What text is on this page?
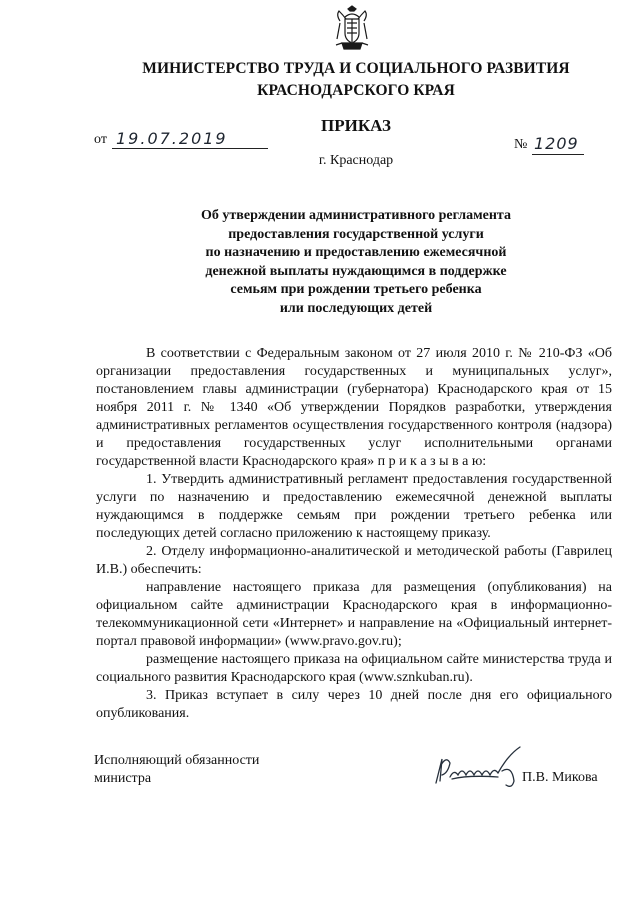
МИНИСТЕРСТВО ТРУДА И СОЦИАЛЬНОГО РАЗВИТИЯ
КРАСНОДАРСКОГО КРАЯ
ПРИКАЗ
от 19.07.2019	№ 1209
г. Краснодар
Об утверждении административного регламента
предоставления государственной услуги
по назначению и предоставлению ежемесячной
денежной выплаты нуждающимся в поддержке
семьям при рождении третьего ребенка
или последующих детей

В соответствии с Федеральным законом от 27 июля 2010 г. № 210-ФЗ «Об организации предоставления государственных и муниципальных услуг», постановлением главы администрации (губернатора) Краснодарского края от 15 ноября 2011 г. № 1340 «Об утверждении Порядков разработки, утверждения административных регламентов осуществления государственного контроля (надзора) и предоставления государственных услуг исполнительными органами государственной власти Краснодарского края» п р и к а з ы в а ю:

1. Утвердить административный регламент предоставления государственной услуги по назначению и предоставлению ежемесячной денежной выплаты нуждающимся в поддержке семьям при рождении третьего ребенка или последующих детей согласно приложению к настоящему приказу.

2. Отделу информационно-аналитической и методической работы (Гаврилец И.В.) обеспечить:

направление настоящего приказа для размещения (опубликования) на официальном сайте администрации Краснодарского края в информационно-телекоммуникационной сети «Интернет» и направление на «Официальный интернет-портал правовой информации» (www.pravo.gov.ru);

размещение настоящего приказа на официальном сайте министерства труда и социального развития Краснодарского края (www.sznkuban.ru).

3. Приказ вступает в силу через 10 дней после дня его официального опубликования.

Исполняющий обязанности
министра	П.В. Микова
